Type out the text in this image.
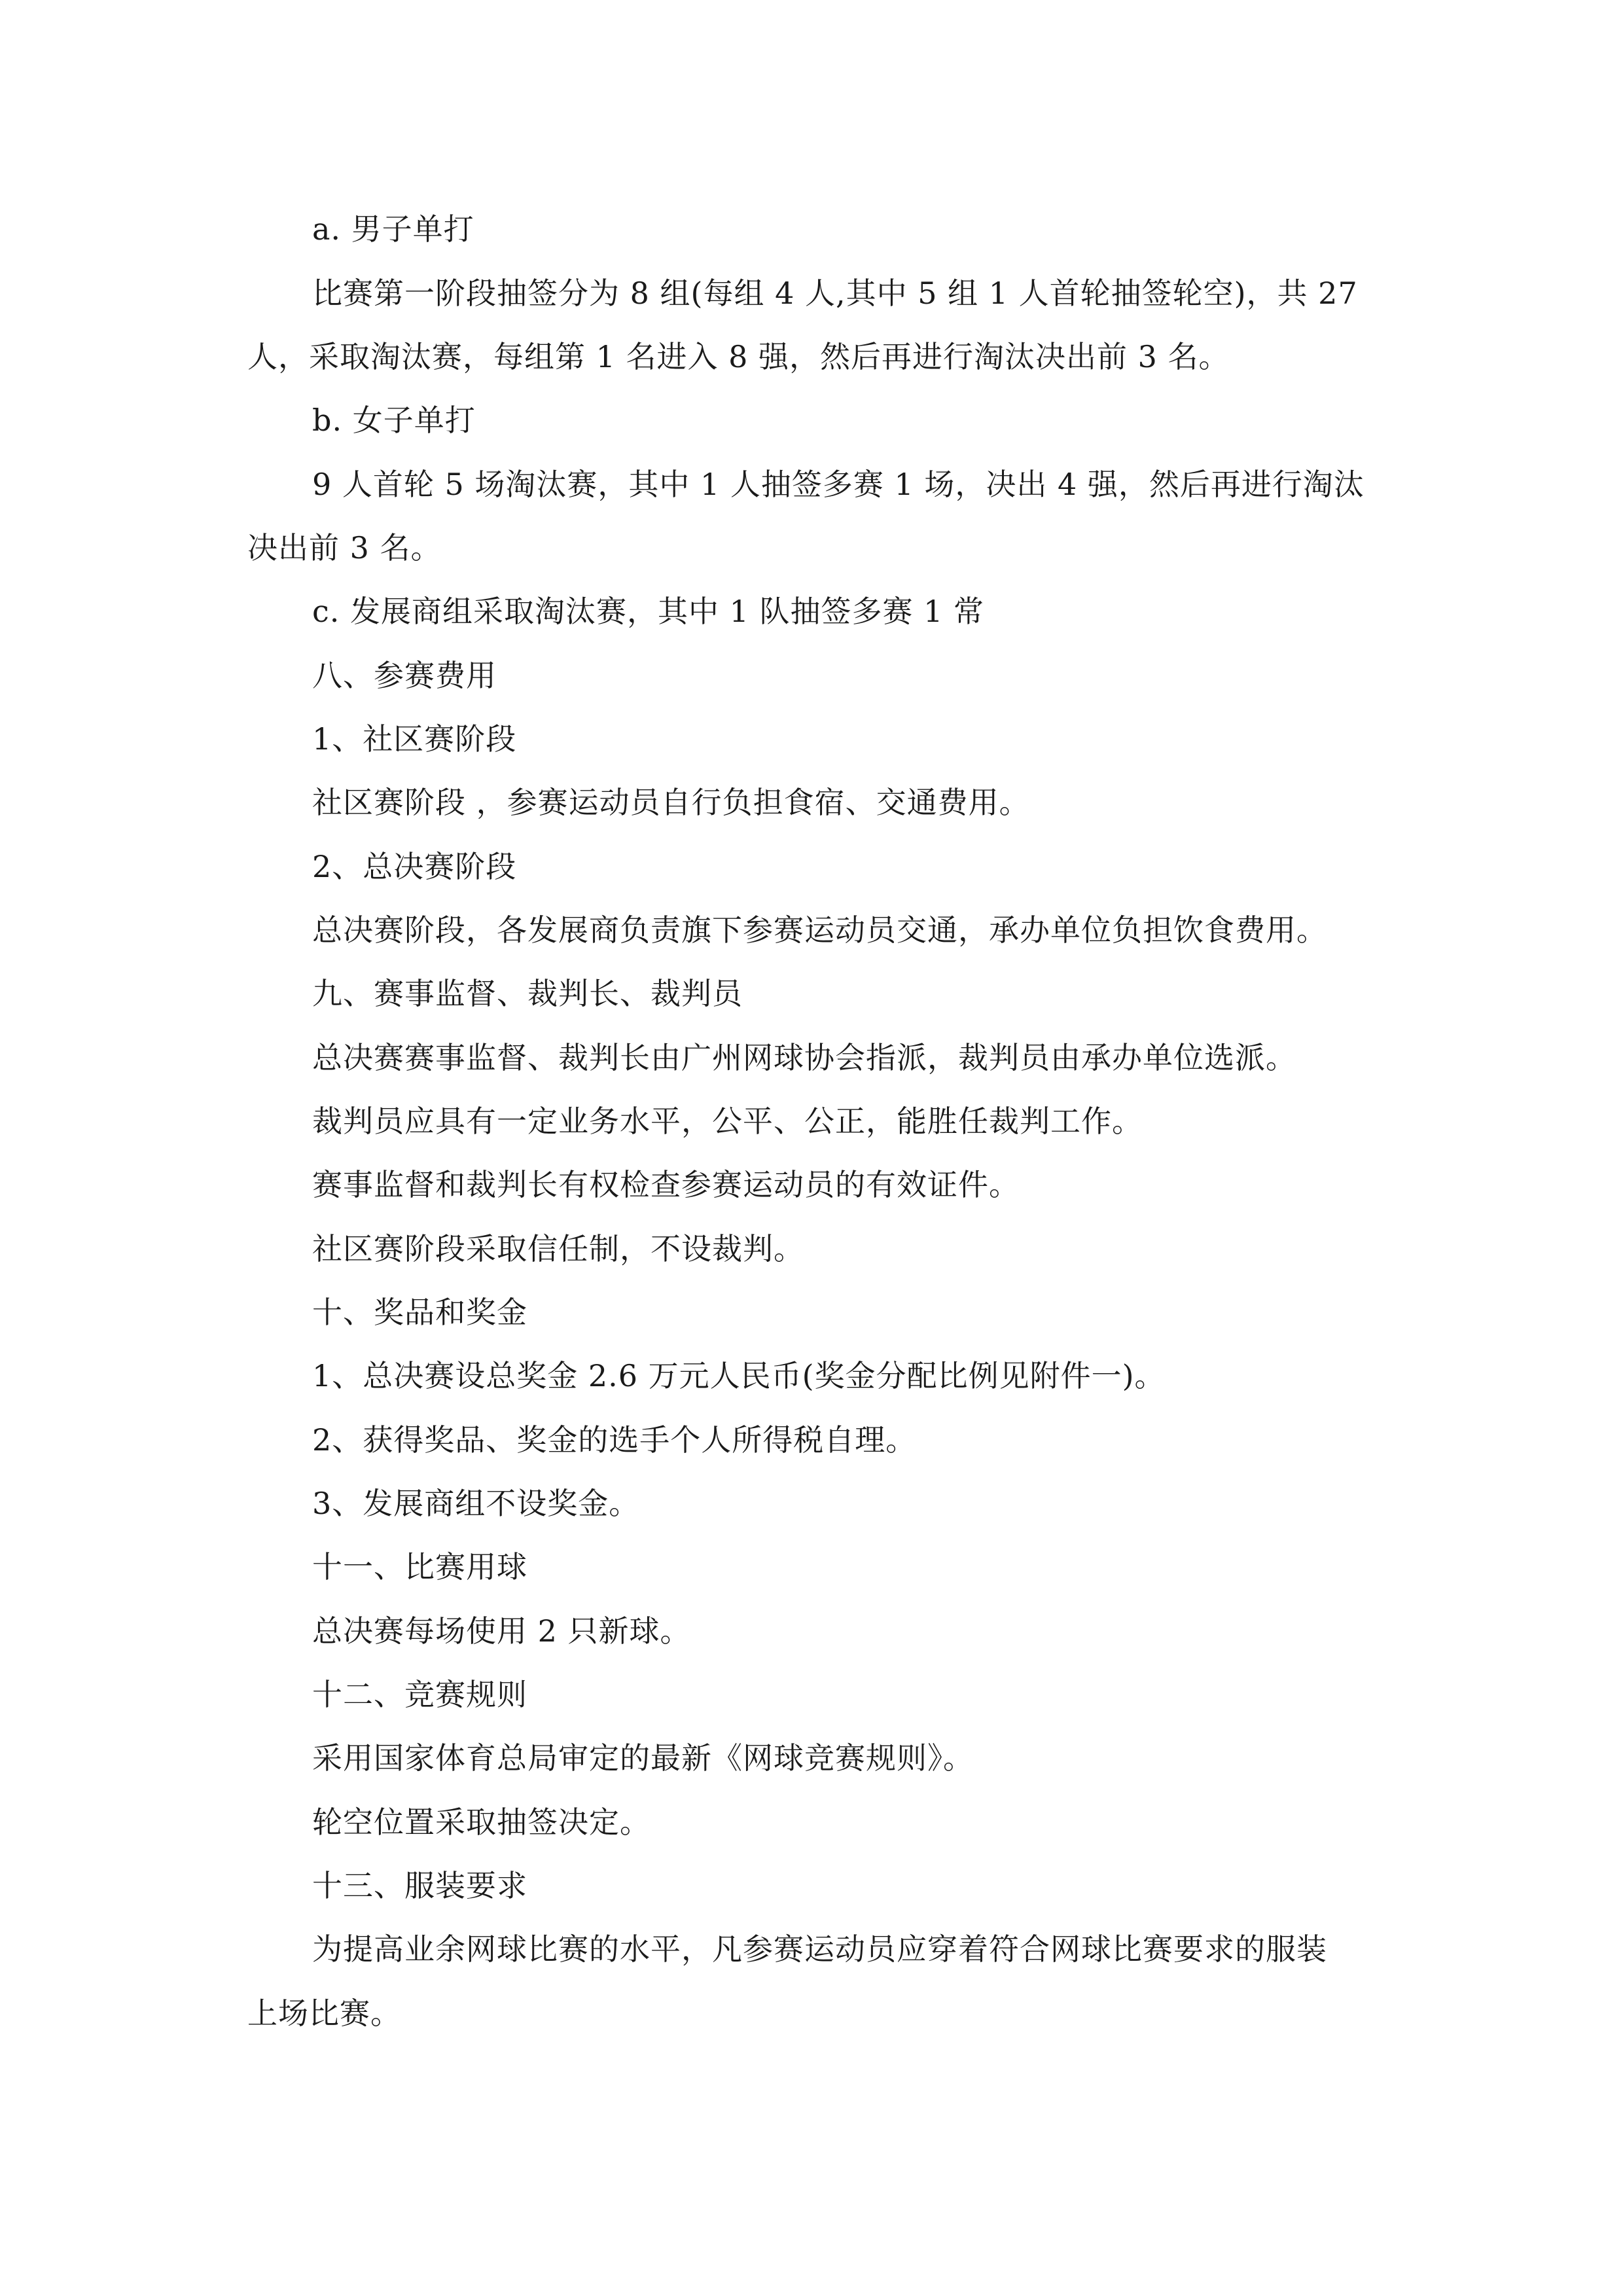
a. 男子单打
比赛第一阶段抽签分为 8 组(每组 4 人,其中 5 组 1 人首轮抽签轮空)，共 27
人，采取淘汰赛，每组第 1 名进入 8 强，然后再进行淘汰决出前 3 名。
b. 女子单打
9 人首轮 5 场淘汰赛，其中 1 人抽签多赛 1 场，决出 4 强，然后再进行淘汰
决出前 3 名。
c. 发展商组采取淘汰赛，其中 1 队抽签多赛 1 常
八、参赛费用
1、社区赛阶段
社区赛阶段 ，参赛运动员自行负担食宿、交通费用。
2、总决赛阶段
总决赛阶段，各发展商负责旗下参赛运动员交通，承办单位负担饮食费用。
九、赛事监督、裁判长、裁判员
总决赛赛事监督、裁判长由广州网球协会指派，裁判员由承办单位选派。
裁判员应具有一定业务水平，公平、公正，能胜任裁判工作。
赛事监督和裁判长有权检查参赛运动员的有效证件。
社区赛阶段采取信任制，不设裁判。
十、奖品和奖金
1、总决赛设总奖金 2.6 万元人民币(奖金分配比例见附件一)。
2、获得奖品、奖金的选手个人所得税自理。
3、发展商组不设奖金。
十一、比赛用球
总决赛每场使用 2 只新球。
十二、竞赛规则
采用国家体育总局审定的最新《网球竞赛规则》。
轮空位置采取抽签决定。
十三、服装要求
为提高业余网球比赛的水平，凡参赛运动员应穿着符合网球比赛要求的服装
上场比赛。
